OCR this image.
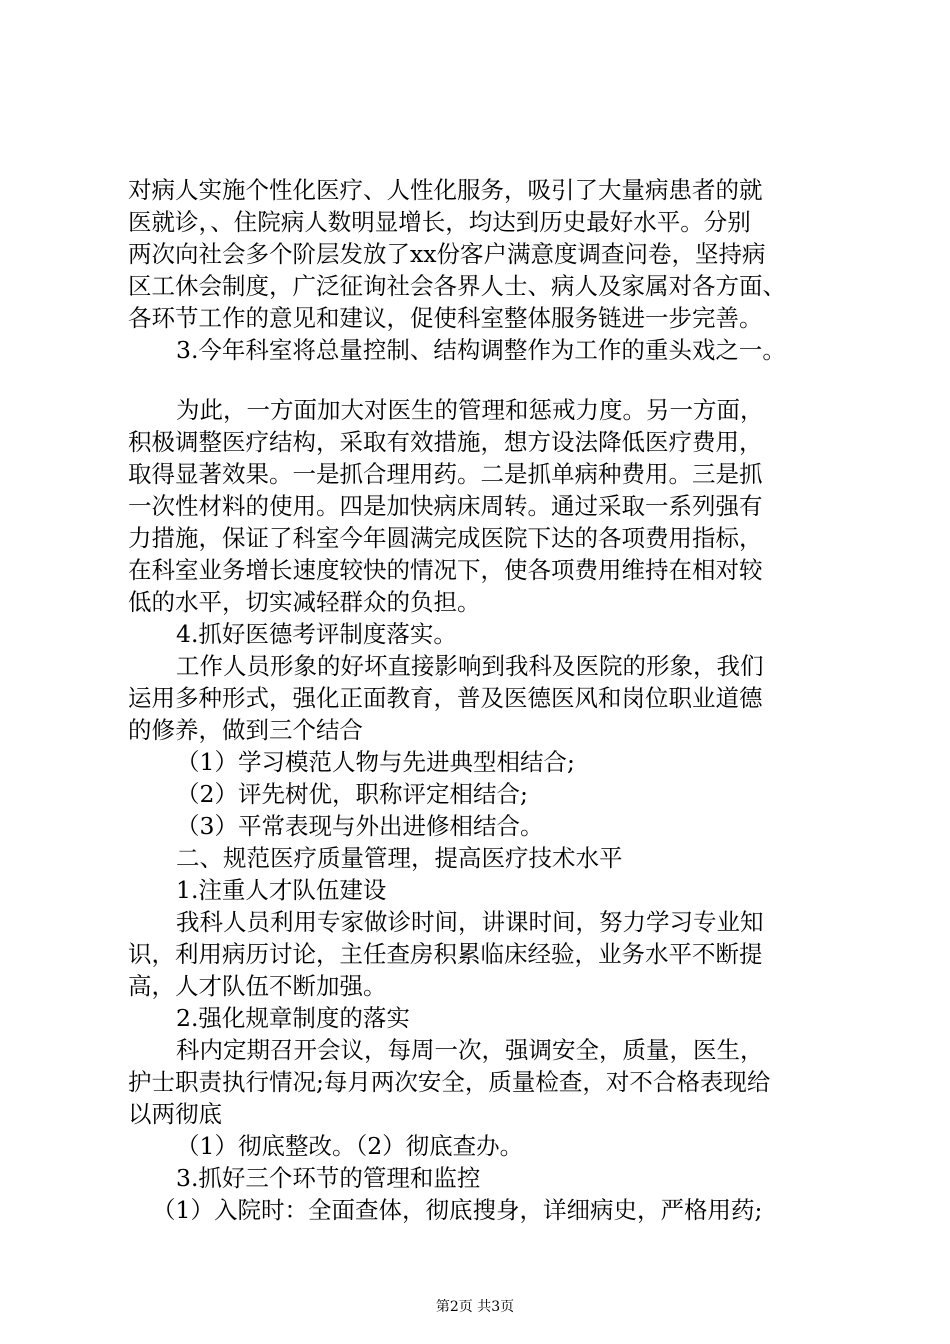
对病人实施个性化医疗、人性化服务，吸引了大量病患者的就
医就诊，、住院病人数明显增长，均达到历史最好水平。分别
两次向社会多个阶层发放了xx份客户满意度调查问卷，坚持病
区工休会制度，广泛征询社会各界人士、病人及家属对各方面、
各环节工作的意见和建议，促使科室整体服务链进一步完善。
3.今年科室将总量控制、结构调整作为工作的重头戏之一。
为此，一方面加大对医生的管理和惩戒力度。另一方面，
积极调整医疗结构，采取有效措施，想方设法降低医疗费用，
取得显著效果。一是抓合理用药。二是抓单病种费用。三是抓
一次性材料的使用。四是加快病床周转。通过采取一系列强有
力措施，保证了科室今年圆满完成医院下达的各项费用指标，
在科室业务增长速度较快的情况下，使各项费用维持在相对较
低的水平，切实减轻群众的负担。
4.抓好医德考评制度落实。
工作人员形象的好坏直接影响到我科及医院的形象，我们
运用多种形式，强化正面教育，普及医德医风和岗位职业道德
的修养，做到三个结合
（1）学习模范人物与先进典型相结合;
（2）评先树优，职称评定相结合;
（3）平常表现与外出进修相结合。
二、规范医疗质量管理，提高医疗技术水平
1.注重人才队伍建设
我科人员利用专家做诊时间，讲课时间，努力学习专业知
识，利用病历讨论，主任查房积累临床经验，业务水平不断提
高，人才队伍不断加强。
2.强化规章制度的落实
科内定期召开会议，每周一次，强调安全，质量，医生，
护士职责执行情况;每月两次安全，质量检查，对不合格表现给
以两彻底
（1）彻底整改。（2）彻底查办。
3.抓好三个环节的管理和监控
（1）入院时：全面查体，彻底搜身，详细病史，严格用药;
第2页 共3页
